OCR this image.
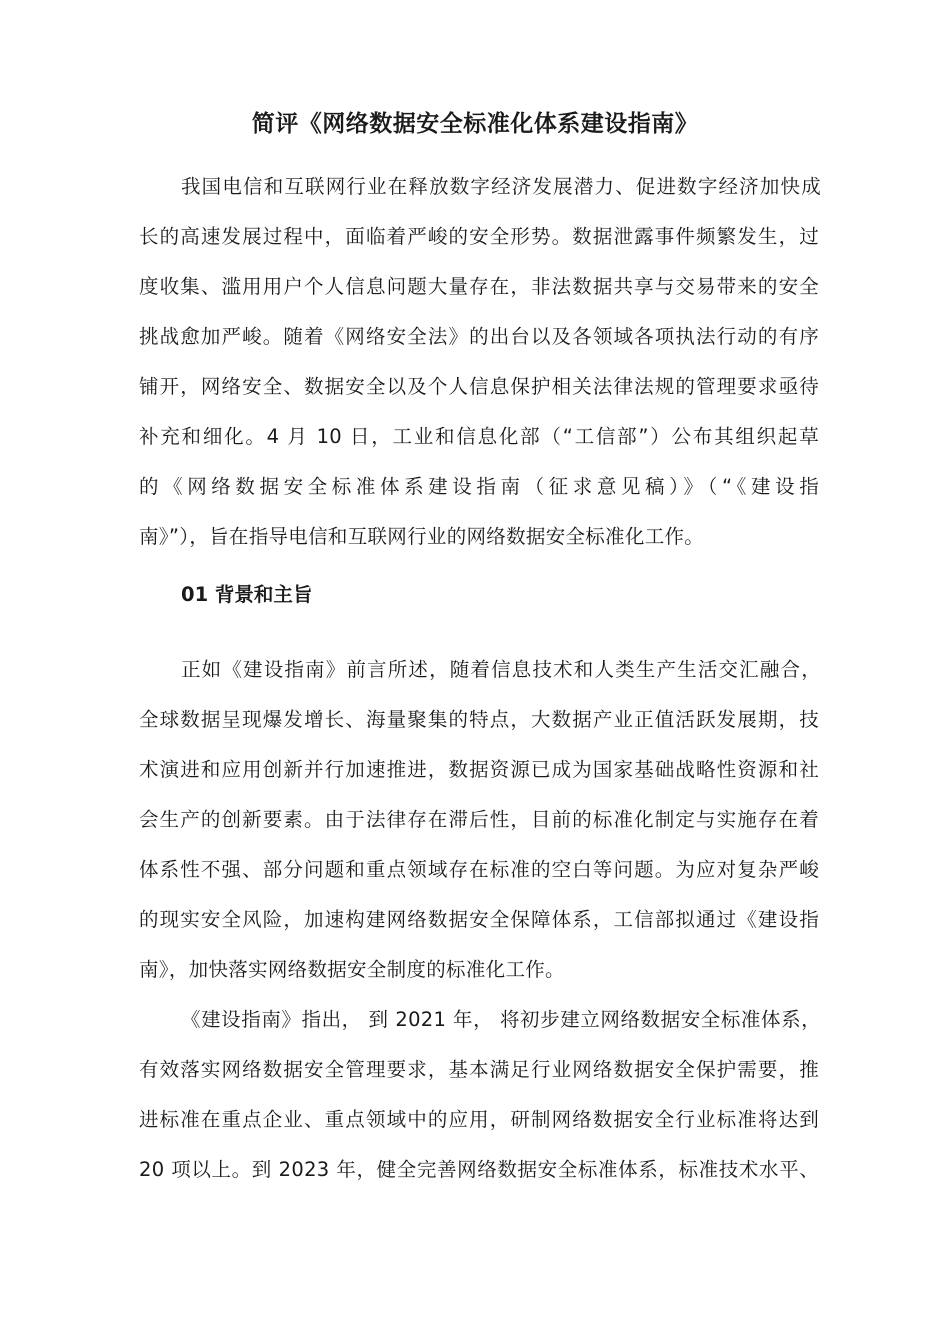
简评《网络数据安全标准化体系建设指南》
我国电信和互联网行业在释放数字经济发展潜力、促进数字经济加快成
长的高速发展过程中，面临着严峻的安全形势。数据泄露事件频繁发生，过
度收集、滥用用户个人信息问题大量存在，非法数据共享与交易带来的安全
挑战愈加严峻。随着《网络安全法》的出台以及各领域各项执法行动的有序
铺开，网络安全、数据安全以及个人信息保护相关法律法规的管理要求亟待
补充和细化。4 月 10 日，工业和信息化部（“工信部”）公布其组织起草
的《网络数据安全标准体系建设指南（征求意见稿）》（“《建设指
南》”），旨在指导电信和互联网行业的网络数据安全标准化工作。
01 背景和主旨
正如《建设指南》前言所述，随着信息技术和人类生产生活交汇融合，
全球数据呈现爆发增长、海量聚集的特点，大数据产业正值活跃发展期，技
术演进和应用创新并行加速推进，数据资源已成为国家基础战略性资源和社
会生产的创新要素。由于法律存在滞后性，目前的标准化制定与实施存在着
体系性不强、部分问题和重点领域存在标准的空白等问题。为应对复杂严峻
的现实安全风险，加速构建网络数据安全保障体系，工信部拟通过《建设指
南》，加快落实网络数据安全制度的标准化工作。
《建设指南》指出， 到 2021 年， 将初步建立网络数据安全标准体系，
有效落实网络数据安全管理要求，基本满足行业网络数据安全保护需要，推
进标准在重点企业、重点领域中的应用，研制网络数据安全行业标准将达到
20 项以上。到 2023 年，健全完善网络数据安全标准体系，标准技术水平、
